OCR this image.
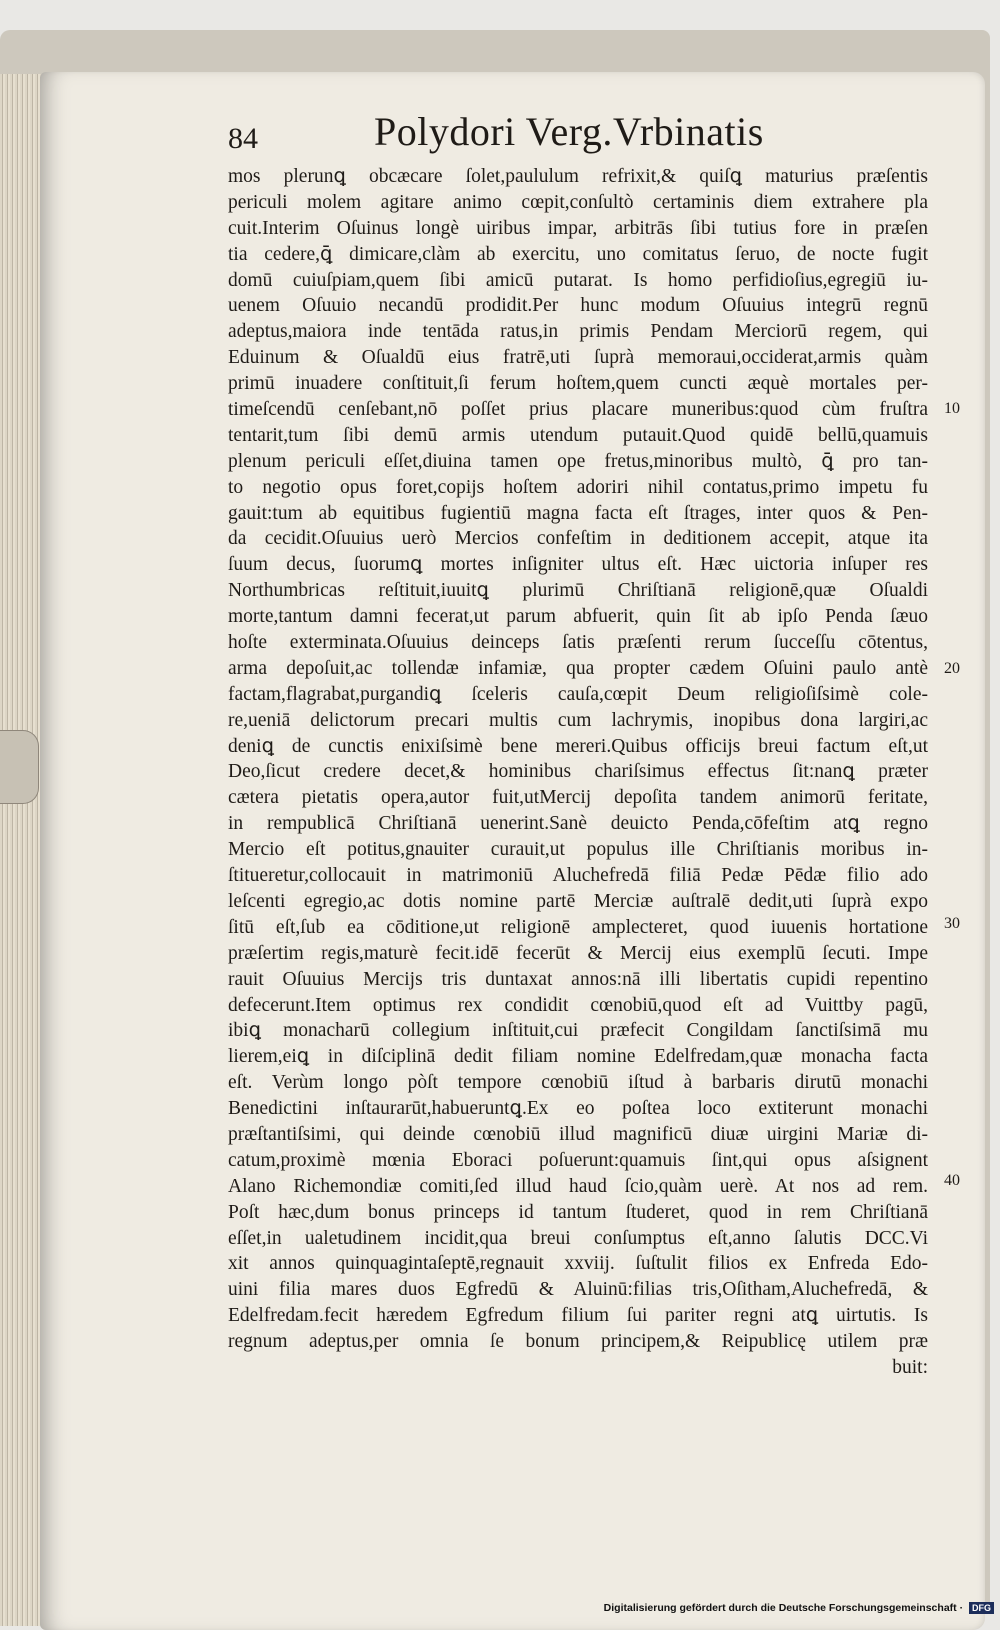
84	Polydori Verg.Vrbinatis
mos plerunꝗ obcæcare ſolet,paululum refrixit,& quiſꝗ maturius præſentis
periculi molem agitare animo cœpit,conſultò certaminis diem extrahere pla
cuit.Interim Oſuinus longè uiribus impar, arbitrās ſibi tutius fore in præſen
tia cedere,ꝗ̄ dimicare,clàm ab exercitu, uno comitatus ſeruo, de nocte fugit
domū cuiuſpiam,quem ſibi amicū putarat. Is homo perfidioſius,egregiū iu-
uenem Oſuuio necandū prodidit.Per hunc modum Oſuuius integrū regnū
adeptus,maiora inde tentāda ratus,in primis Pendam Merciorū regem, qui
Eduinum & Oſualdū eius fratrē,uti ſuprà memoraui,occiderat,armis quàm
primū inuadere conſtituit,ſi ferum hoſtem,quem cuncti æquè mortales per-
timeſcendū cenſebant,nō poſſet prius placare muneribus:quod cùm fruſtra
tentarit,tum ſibi demū armis utendum putauit.Quod quidē bellū,quamuis
plenum periculi eſſet,diuina tamen ope fretus,minoribus multò, ꝗ̄ pro tan-
to negotio opus foret,copijs hoſtem adoriri nihil contatus,primo impetu fu
gauit:tum ab equitibus fugientiū magna facta eſt ſtrages, inter quos & Pen-
da cecidit.Oſuuius uerò Mercios confeſtim in deditionem accepit, atque ita
ſuum decus, ſuorumꝗ mortes inſigniter ultus eſt. Hæc uictoria inſuper res
Northumbricas reſtituit,iuuitꝗ plurimū Chriſtianā religionē,quæ Oſualdi
morte,tantum damni fecerat,ut parum abfuerit, quin ſit ab ipſo Penda ſæuo
hoſte exterminata.Oſuuius deinceps ſatis præſenti rerum ſucceſſu cōtentus,
arma depoſuit,ac tollendæ infamiæ, qua propter cædem Oſuini paulo antè
factam,flagrabat,purgandiꝗ ſceleris cauſa,cœpit Deum religioſiſsimè cole-
re,ueniā delictorum precari multis cum lachrymis, inopibus dona largiri,ac
deniꝗ de cunctis enixiſsimè bene mereri.Quibus officijs breui factum eſt,ut
Deo,ſicut credere decet,& hominibus chariſsimus effectus ſit:nanꝗ præter
cætera pietatis opera,autor fuit,utMercij depoſita tandem animorū feritate,
in rempublicā Chriſtianā uenerint.Sanè deuicto Penda,cōfeſtim atꝗ regno
Mercio eſt potitus,gnauiter curauit,ut populus ille Chriſtianis moribus in-
ſtitueretur,collocauit in matrimoniū Aluchefredā filiā Pedæ Pēdæ filio ado
leſcenti egregio,ac dotis nomine partē Merciæ auſtralē dedit,uti ſuprà expo
ſitū eſt,ſub ea cōditione,ut religionē amplecteret, quod iuuenis hortatione
præſertim regis,maturè fecit.idē fecerūt & Mercij eius exemplū ſecuti. Impe
rauit Oſuuius Mercijs tris duntaxat annos:nā illi libertatis cupidi repentino
defecerunt.Item optimus rex condidit cœnobiū,quod eſt ad Vuittby pagū,
ibiꝗ monacharū collegium inſtituit,cui præfecit Congildam ſanctiſsimā mu
lierem,eiꝗ in diſciplinā dedit filiam nomine Edelfredam,quæ monacha facta
eſt. Verùm longo pòſt tempore cœnobiū iſtud à barbaris dirutū monachi
Benedictini inſtaurarūt,habueruntꝗ.Ex eo poſtea loco extiterunt monachi
præſtantiſsimi, qui deinde cœnobiū illud magnificū diuæ uirgini Mariæ di-
catum,proximè mœnia Eboraci poſuerunt:quamuis ſint,qui opus aſsignent
Alano Richemondiæ comiti,ſed illud haud ſcio,quàm uerè. At nos ad rem.
Poſt hæc,dum bonus princeps id tantum ſtuderet, quod in rem Chriſtianā
eſſet,in ualetudinem incidit,qua breui conſumptus eſt,anno ſalutis DCC.Vi
xit annos quinquagintaſeptē,regnauit xxviij. ſuſtulit filios ex Enfreda Edo-
uini filia mares duos Egfredū & Aluinū:filias tris,Oſitham,Aluchefredā, &
Edelfredam.fecit hæredem Egfredum filium ſui pariter regni atꝗ uirtutis. Is
regnum adeptus,per omnia ſe bonum principem,& Reipublicę utilem præ
buit:
10
20
30
40
Digitalisierung gefördert durch die Deutsche Forschungsgemeinschaft · DFG
